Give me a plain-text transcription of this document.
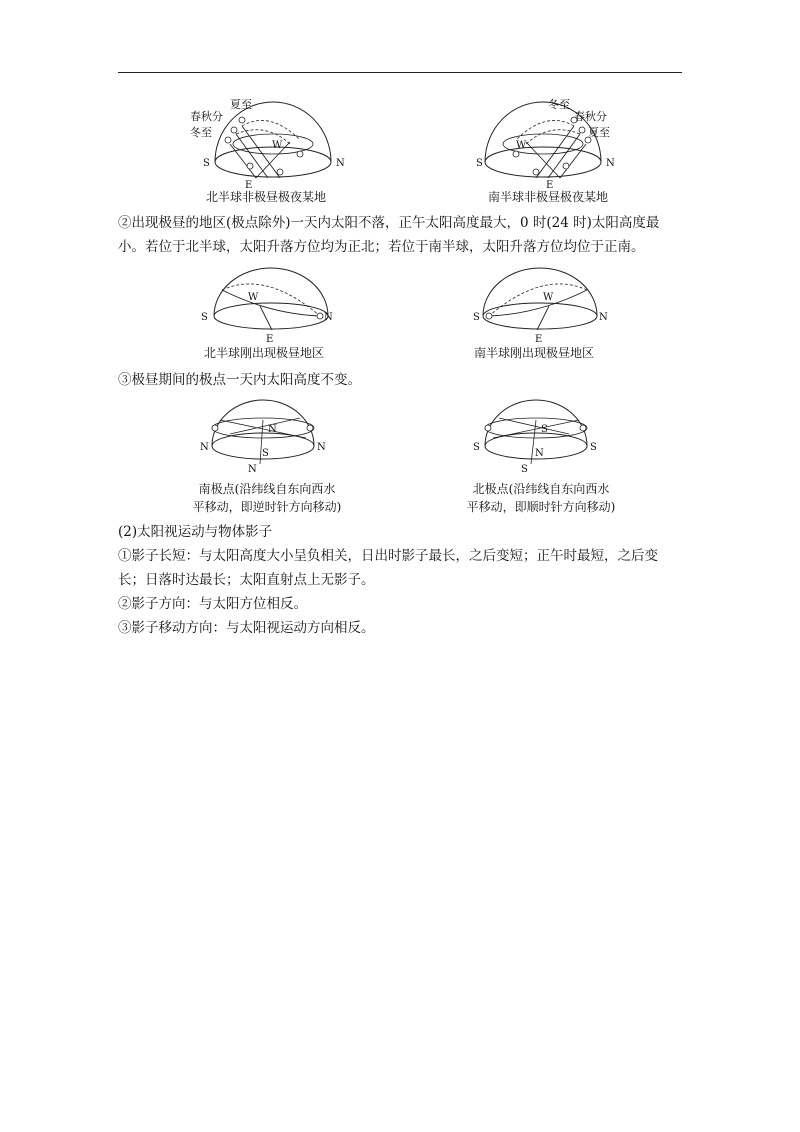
夏至
春秋分
冬至
S	N
W
E
北半球非极昼极夜某地
冬至
春秋分
夏至
S	N
W
E
南半球非极昼极夜某地
②出现极昼的地区(极点除外)一天内太阳不落，正午太阳高度最大，0 时(24 时)太阳高度最
小。若位于北半球，太阳升落方位均为正北；若位于南半球，太阳升落方位均位于正南。
S	N
W
E
北半球刚出现极昼地区
S	N
W
E
南半球刚出现极昼地区
③极昼期间的极点一天内太阳高度不变。
N	N
N
S
N
南极点(沿纬线自东向西水
平移动，即逆时针方向移动)
S	S
S
N
S
北极点(沿纬线自东向西水
平移动，即顺时针方向移动)
(2)太阳视运动与物体影子
①影子长短：与太阳高度大小呈负相关，日出时影子最长，之后变短；正午时最短，之后变
长；日落时达最长；太阳直射点上无影子。
②影子方向：与太阳方位相反。
③影子移动方向：与太阳视运动方向相反。
